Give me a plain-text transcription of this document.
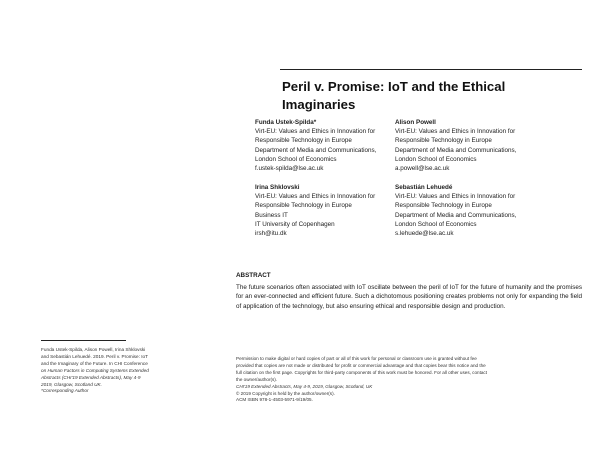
Peril v. Promise: IoT and the Ethical
Imaginaries
Funda Ustek-Spilda*
Virt-EU: Values and Ethics in Innovation for
Responsible Technology in Europe
Department of Media and Communications,
London School of Economics
f.ustek-spilda@lse.ac.uk
Alison Powell
Virt-EU: Values and Ethics in Innovation for
Responsible Technology in Europe
Department of Media and Communications,
London School of Economics
a.powell@lse.ac.uk
Irina Shklovski
Virt-EU: Values and Ethics in Innovation for
Responsible Technology in Europe
Business IT
IT University of Copenhagen
irsh@itu.dk
Sebastián Lehuedé
Virt-EU: Values and Ethics in Innovation for
Responsible Technology in Europe
Department of Media and Communications,
London School of Economics
s.lehuede@lse.ac.uk
ABSTRACT
The future scenarios often associated with IoT oscillate between the peril of IoT for the future of humanity and the promises for an ever-connected and efficient future. Such a dichotomous positioning creates problems not only for expanding the field of application of the technology, but also ensuring ethical and responsible design and production.
Funda Ustek-Spilda, Alison Powell, Irina Shklovski
and Sebastián Lehuedé. 2019. Peril v. Promise: IoT
and the Imaginary of the Future. In CHI Conference
on Human Factors in Computing Systems Extended
Abstracts (CHI'19 Extended Abstracts), May 4-9
2019, Glasgow, Scotland UK.
*Corresponding Author
Permission to make digital or hard copies of part or all of this work for personal or classroom use is granted without fee
provided that copies are not made or distributed for profit or commercial advantage and that copies bear this notice and the
full citation on the first page. Copyrights for third-party components of this work must be honored. For all other uses, contact
the owner/author(s).
CHI'19 Extended Abstracts, May 4-9, 2019, Glasgow, Scotland, UK
© 2019 Copyright is held by the author/owner(s).
ACM ISBN 978-1-4503-5971-9/19/05.
